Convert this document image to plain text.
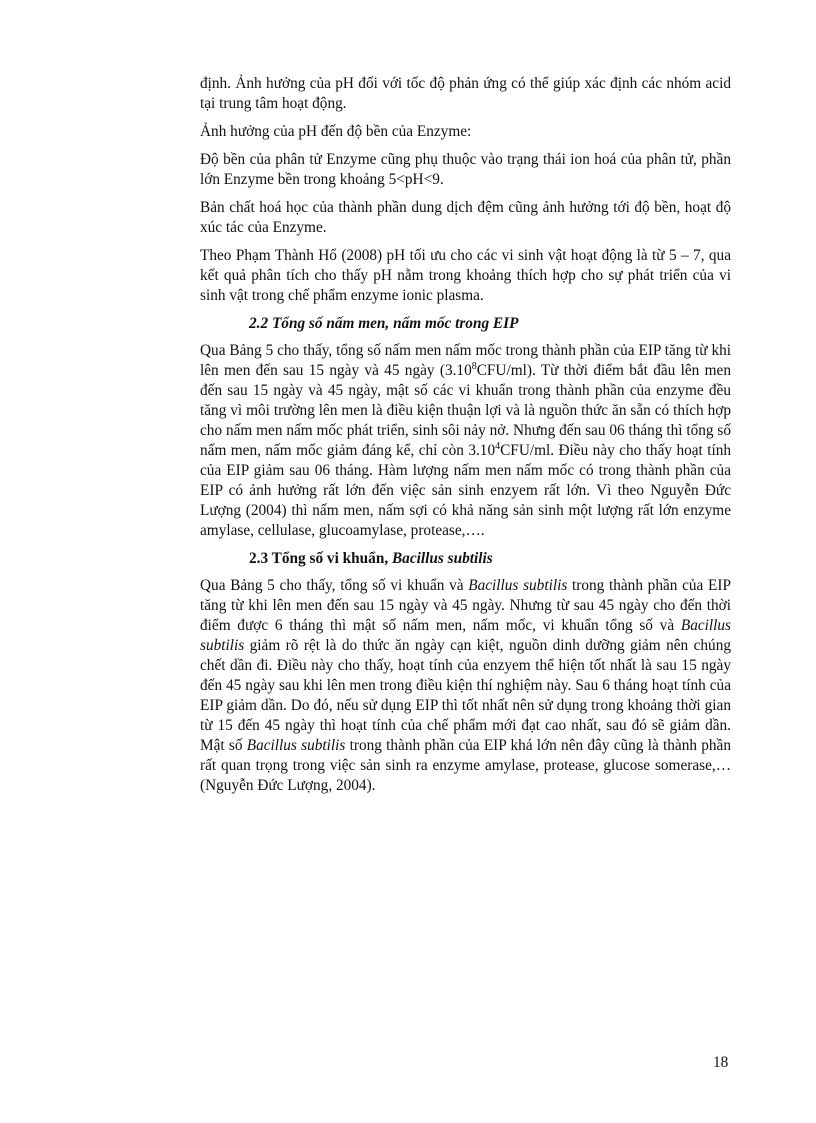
định. Ảnh hưởng của pH đối với tốc độ phản ứng có thể giúp xác định các nhóm acid tại trung tâm hoạt động.

Ảnh hưởng của pH đến độ bền của Enzyme:

Độ bền của phân tử Enzyme cũng phụ thuộc vào trạng thái ion hoá của phân tử, phần lớn Enzyme bền trong khoảng 5<pH<9.

Bản chất hoá học của thành phần dung dịch đệm cũng ảnh hưởng tới độ bền, hoạt độ xúc tác của Enzyme.

Theo Phạm Thành Hổ (2008) pH tối ưu cho các vi sinh vật hoạt động là từ 5 – 7, qua kết quả phân tích cho thấy pH nằm trong khoảng thích hợp cho sự phát triển của vi sinh vật trong chế phẩm enzyme ionic plasma.

2.2 Tổng số nấm men, nấm mốc trong EIP

Qua Bảng 5 cho thấy, tổng số nấm men nấm mốc trong thành phần của EIP tăng từ khi lên men đến sau 15 ngày và 45 ngày (3.10$^8$CFU/ml). Từ thời điểm bắt đầu lên men đến sau 15 ngày và 45 ngày, mật số các vi khuẩn trong thành phần của enzyme đều tăng vì môi trường lên men là điều kiện thuận lợi và là nguồn thức ăn sẵn có thích hợp cho nấm men nấm mốc phát triển, sinh sôi nảy nở. Nhưng đến sau 06 tháng thì tổng số nấm men, nấm mốc giảm đáng kể, chỉ còn 3.10$^4$CFU/ml. Điều này cho thấy hoạt tính của EIP giảm sau 06 tháng. Hàm lượng nấm men nấm mốc có trong thành phần của EIP có ảnh hưởng rất lớn đến việc sản sinh enzyem rất lớn. Vì theo Nguyễn Đức Lượng (2004) thì nấm men, nấm sợi có khả năng sản sinh một lượng rất lớn enzyme amylase, cellulase, glucoamylase, protease,….

2.3 Tổng số vi khuẩn, Bacillus subtilis

Qua Bảng 5 cho thấy, tổng số vi khuẩn và Bacillus subtilis trong thành phần của EIP tăng từ khi lên men đến sau 15 ngày và 45 ngày. Nhưng từ sau 45 ngày cho đến thời điểm được 6 tháng thì mật số nấm men, nấm mốc, vi khuẩn tổng số và Bacillus subtilis giảm rõ rệt là do thức ăn ngày cạn kiệt, nguồn dinh dưỡng giảm nên chúng chết dần đi. Điều này cho thấy, hoạt tính của enzyem thể hiện tốt nhất là sau 15 ngày đến 45 ngày sau khi lên men trong điều kiện thí nghiệm này. Sau 6 tháng hoạt tính của EIP giảm dần. Do đó, nếu sử dụng EIP thì tốt nhất nên sử dụng trong khoảng thời gian từ 15 đến 45 ngày thì hoạt tính của chế phẩm mới đạt cao nhất, sau đó sẽ giảm dần. Mật số Bacillus subtilis trong thành phần của EIP khá lớn nên đây cũng là thành phần rất quan trọng trong việc sản sinh ra enzyme amylase, protease, glucose somerase,…(Nguyễn Đức Lượng, 2004).

18
